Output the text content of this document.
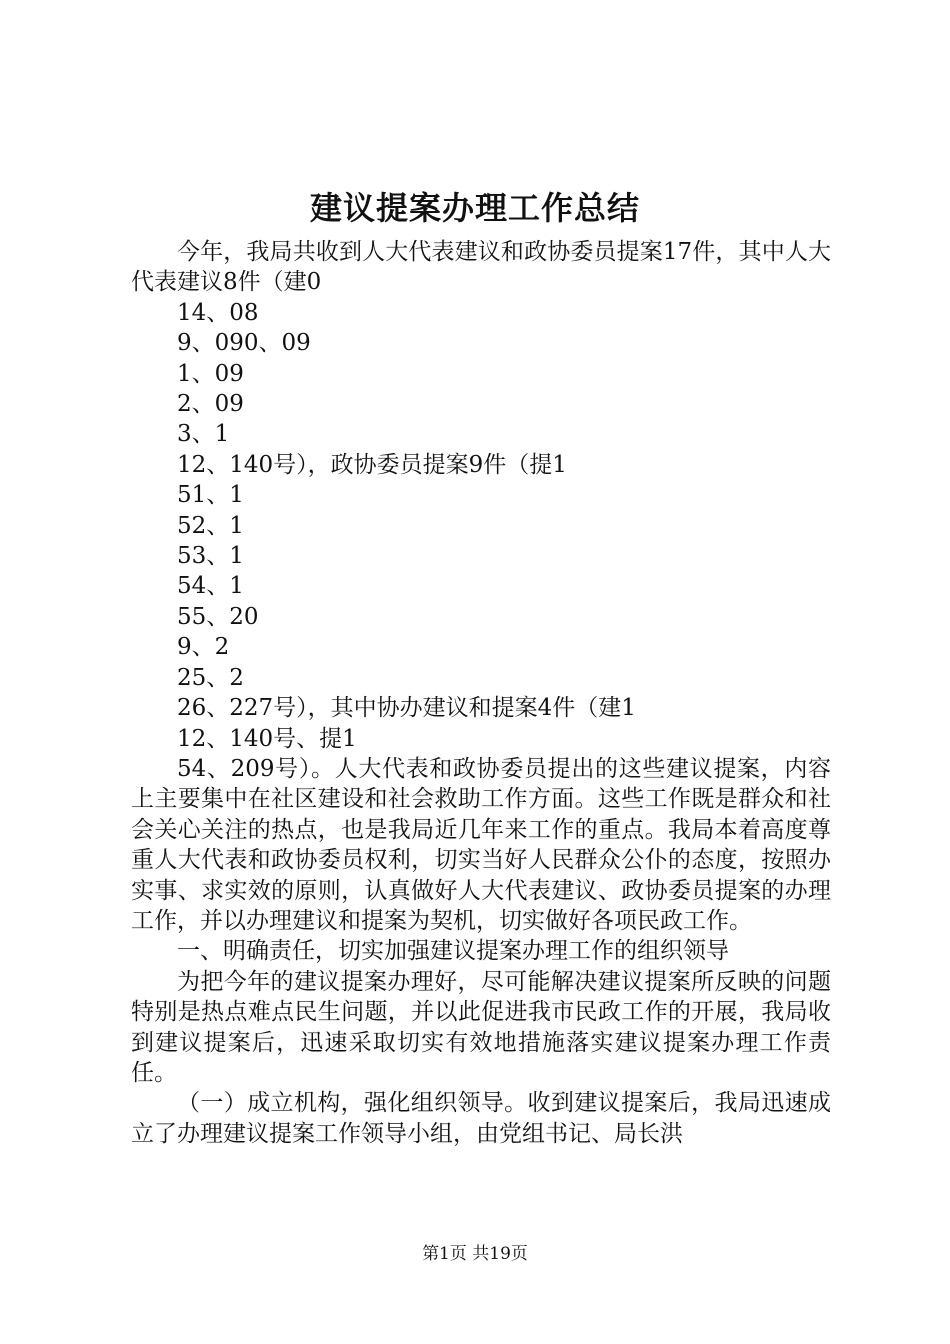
建议提案办理工作总结

今年，我局共收到人大代表建议和政协委员提案17件，其中人大代表建议8件（建0

14、08

9、090、09

1、09

2、09

3、1

12、140号），政协委员提案9件（提1

51、1

52、1

53、1

54、1

55、20

9、2

25、2

26、227号），其中协办建议和提案4件（建1

12、140号、提1

54、209号）。人大代表和政协委员提出的这些建议提案，内容上主要集中在社区建设和社会救助工作方面。这些工作既是群众和社会关心关注的热点，也是我局近几年来工作的重点。我局本着高度尊重人大代表和政协委员权利，切实当好人民群众公仆的态度，按照办实事、求实效的原则，认真做好人大代表建议、政协委员提案的办理工作，并以办理建议和提案为契机，切实做好各项民政工作。

一、明确责任，切实加强建议提案办理工作的组织领导

为把今年的建议提案办理好，尽可能解决建议提案所反映的问题特别是热点难点民生问题，并以此促进我市民政工作的开展，我局收到建议提案后，迅速采取切实有效地措施落实建议提案办理工作责任。

（一）成立机构，强化组织领导。收到建议提案后，我局迅速成立了办理建议提案工作领导小组，由党组书记、局长洪

第1页 共19页
